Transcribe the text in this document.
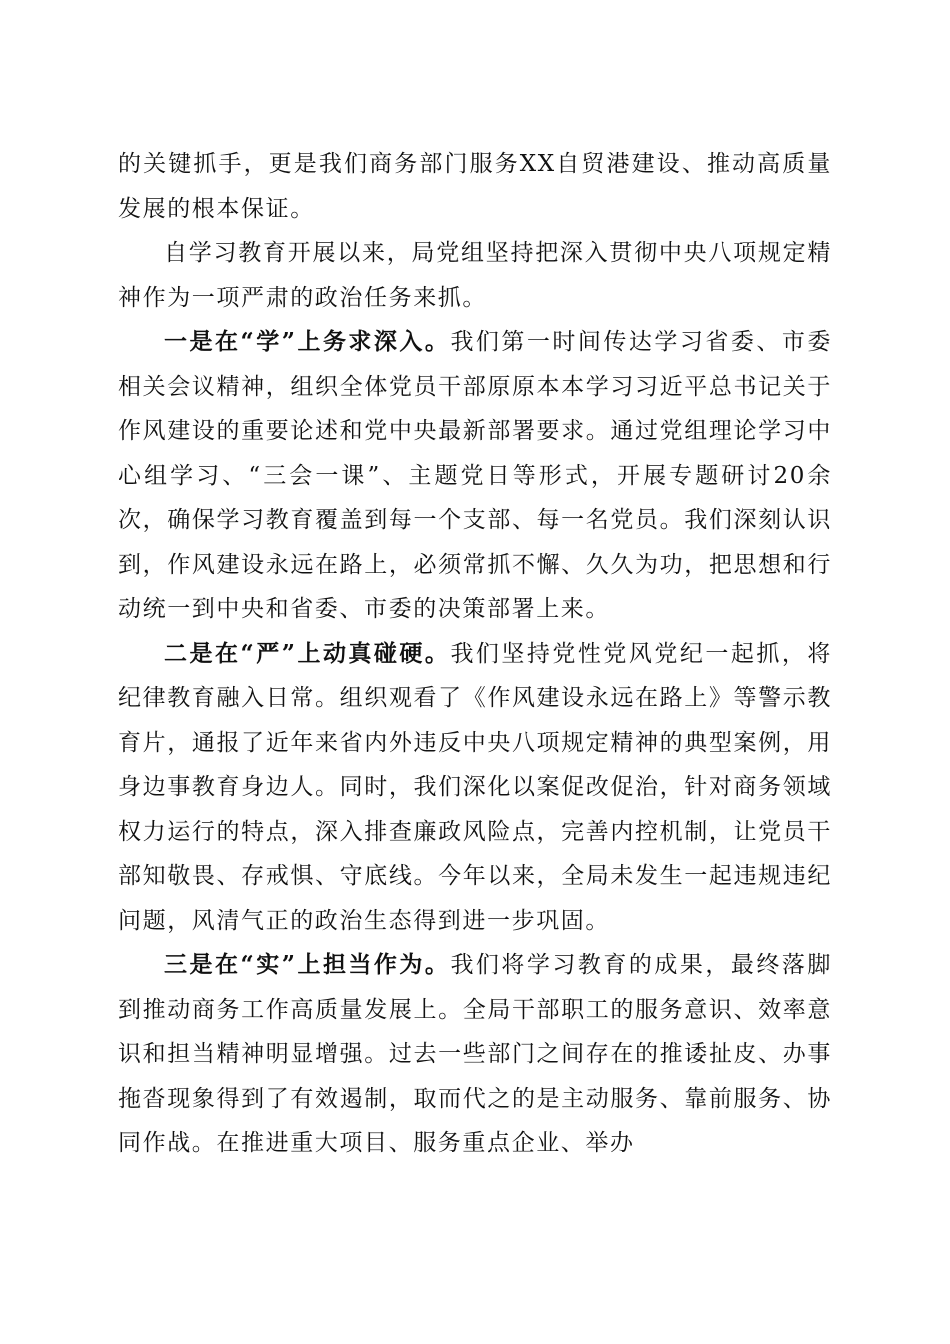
的关键抓手，更是我们商务部门服务XX自贸港建设、推动高质量发展的根本保证。

自学习教育开展以来，局党组坚持把深入贯彻中央八项规定精神作为一项严肃的政治任务来抓。

一是在“学”上务求深入。我们第一时间传达学习省委、市委相关会议精神，组织全体党员干部原原本本学习习近平总书记关于作风建设的重要论述和党中央最新部署要求。通过党组理论学习中心组学习、“三会一课”、主题党日等形式，开展专题研讨20余次，确保学习教育覆盖到每一个支部、每一名党员。我们深刻认识到，作风建设永远在路上，必须常抓不懈、久久为功，把思想和行动统一到中央和省委、市委的决策部署上来。

二是在“严”上动真碰硬。我们坚持党性党风党纪一起抓，将纪律教育融入日常。组织观看了《作风建设永远在路上》等警示教育片，通报了近年来省内外违反中央八项规定精神的典型案例，用身边事教育身边人。同时，我们深化以案促改促治，针对商务领域权力运行的特点，深入排查廉政风险点，完善内控机制，让党员干部知敬畏、存戒惧、守底线。今年以来，全局未发生一起违规违纪问题，风清气正的政治生态得到进一步巩固。

三是在“实”上担当作为。我们将学习教育的成果，最终落脚到推动商务工作高质量发展上。全局干部职工的服务意识、效率意识和担当精神明显增强。过去一些部门之间存在的推诿扯皮、办事拖沓现象得到了有效遏制，取而代之的是主动服务、靠前服务、协同作战。在推进重大项目、服务重点企业、举办
